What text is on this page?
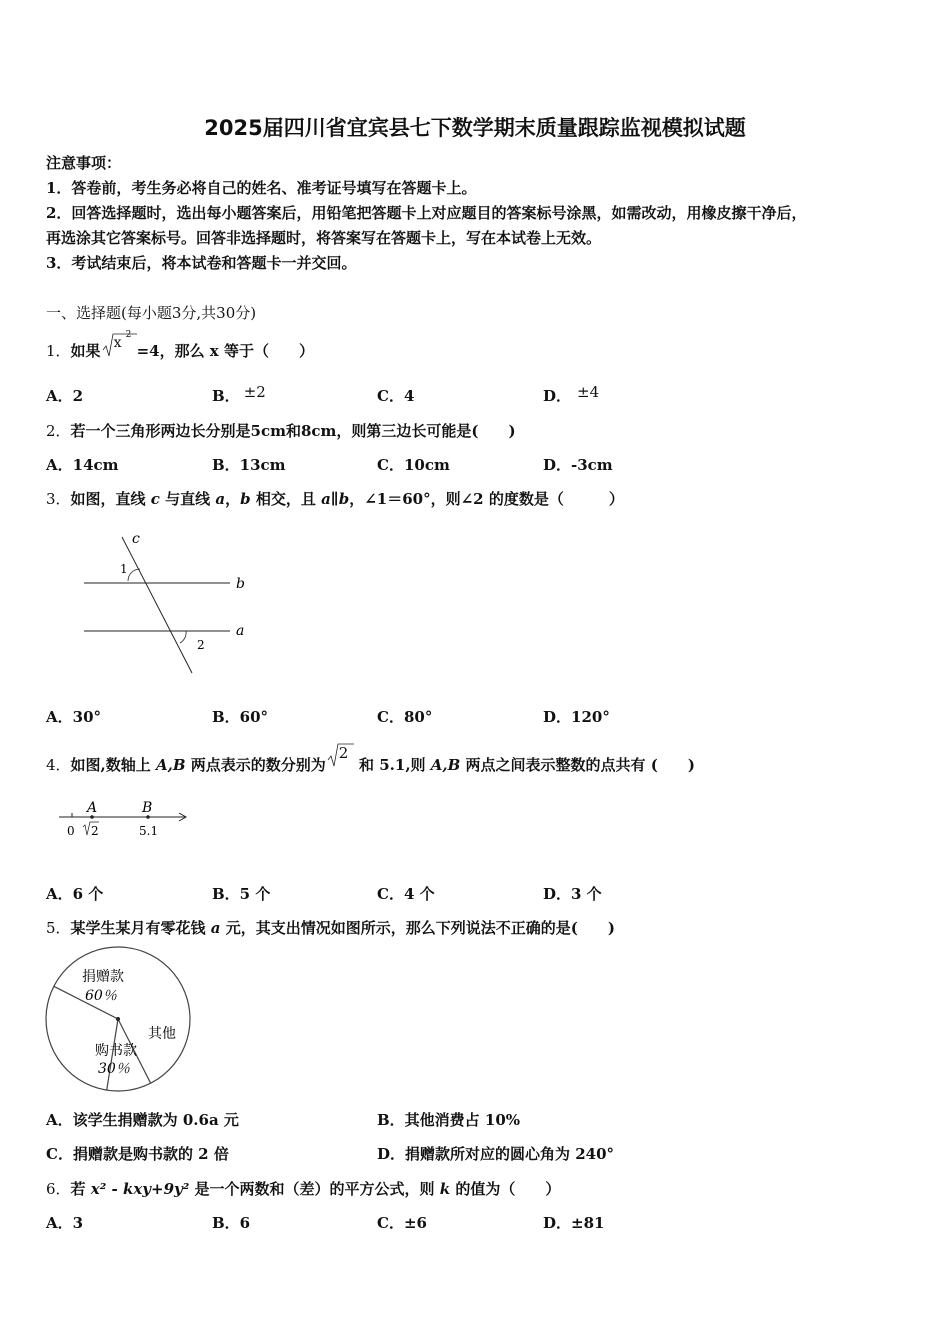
2025届四川省宜宾县七下数学期末质量跟踪监视模拟试题
注意事项：
1．答卷前，考生务必将自己的姓名、准考证号填写在答题卡上。
2．回答选择题时，选出每小题答案后，用铅笔把答题卡上对应题目的答案标号涂黑，如需改动，用橡皮擦干净后，
再选涂其它答案标号。回答非选择题时，将答案写在答题卡上，写在本试卷上无效。
3．考试结束后，将本试卷和答题卡一并交回。
一、选择题(每小题3分,共30分)
1．如果 x 2
=4，那么 x 等于（　　）
A．2	B． ±2	C．4	D． ±4
2．若一个三角形两边长分别是5cm和8cm，则第三边长可能是(　　)
A．14cm	B．13cm	C．10cm	D．-3cm
3．如图，直线 c 与直线 a，b 相交，且 a∥b，∠1＝60°，则∠2 的度数是（　　　）
c
b
a
1
2
A．30°	B．60°	C．80°	D．120°
4．如图,数轴上 A,B 两点表示的数分别为
2
和 5.1,则 A,B 两点之间表示整数的点共有 (　　)
A	B
0 2	5.1
A．6 个	B．5 个	C．4 个	D．3 个
5．某学生某月有零花钱 a 元，其支出情况如图所示，那么下列说法不正确的是(　　)
捐赠款
60％
购书款
30％
其他
A．该学生捐赠款为 0.6a 元	B．其他消费占 10%
C．捐赠款是购书款的 2 倍	D．捐赠款所对应的圆心角为 240°
6．若 x² - kxy+9y² 是一个两数和（差）的平方公式，则 k 的值为（　　）
A．3	B．6	C．±6	D．±81
